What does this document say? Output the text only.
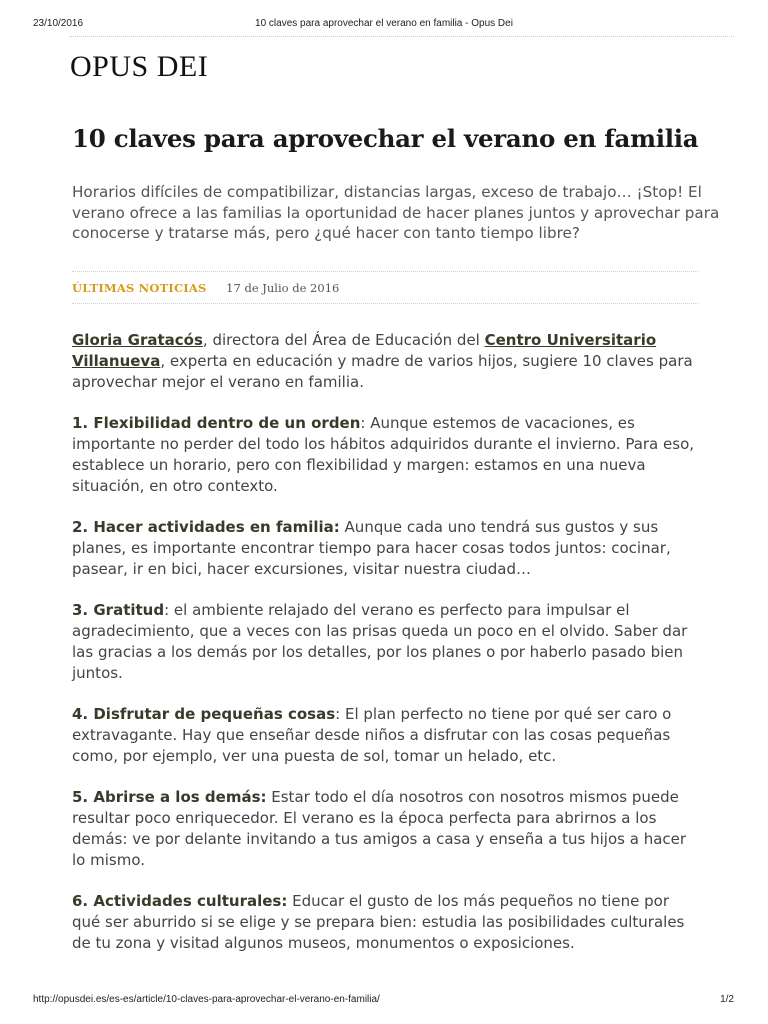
23/10/2016	10 claves para aprovechar el verano en familia - Opus Dei
OPUS DEI
10 claves para aprovechar el verano en familia

Horarios difíciles de compatibilizar, distancias largas, exceso de trabajo… ¡Stop! El verano ofrece a las familias la oportunidad de hacer planes juntos y aprovechar para conocerse y tratarse más, pero ¿qué hacer con tanto tiempo libre?

ÚLTIMAS NOTICIAS 17 de Julio de 2016

Gloria Gratacós, directora del Área de Educación del Centro Universitario Villanueva, experta en educación y madre de varios hijos, sugiere 10 claves para aprovechar mejor el verano en familia.

1. Flexibilidad dentro de un orden: Aunque estemos de vacaciones, es importante no perder del todo los hábitos adquiridos durante el invierno. Para eso, establece un horario, pero con flexibilidad y margen: estamos en una nueva situación, en otro contexto.

2. Hacer actividades en familia: Aunque cada uno tendrá sus gustos y sus planes, es importante encontrar tiempo para hacer cosas todos juntos: cocinar, pasear, ir en bici, hacer excursiones, visitar nuestra ciudad…

3. Gratitud: el ambiente relajado del verano es perfecto para impulsar el agradecimiento, que a veces con las prisas queda un poco en el olvido. Saber dar las gracias a los demás por los detalles, por los planes o por haberlo pasado bien juntos.

4. Disfrutar de pequeñas cosas: El plan perfecto no tiene por qué ser caro o extravagante. Hay que enseñar desde niños a disfrutar con las cosas pequeñas como, por ejemplo, ver una puesta de sol, tomar un helado, etc.

5. Abrirse a los demás: Estar todo el día nosotros con nosotros mismos puede resultar poco enriquecedor. El verano es la época perfecta para abrirnos a los demás: ve por delante invitando a tus amigos a casa y enseña a tus hijos a hacer lo mismo.

6. Actividades culturales: Educar el gusto de los más pequeños no tiene por qué ser aburrido si se elige y se prepara bien: estudia las posibilidades culturales de tu zona y visitad algunos museos, monumentos o exposiciones.

http://opusdei.es/es-es/article/10-claves-para-aprovechar-el-verano-en-familia/	1/2
